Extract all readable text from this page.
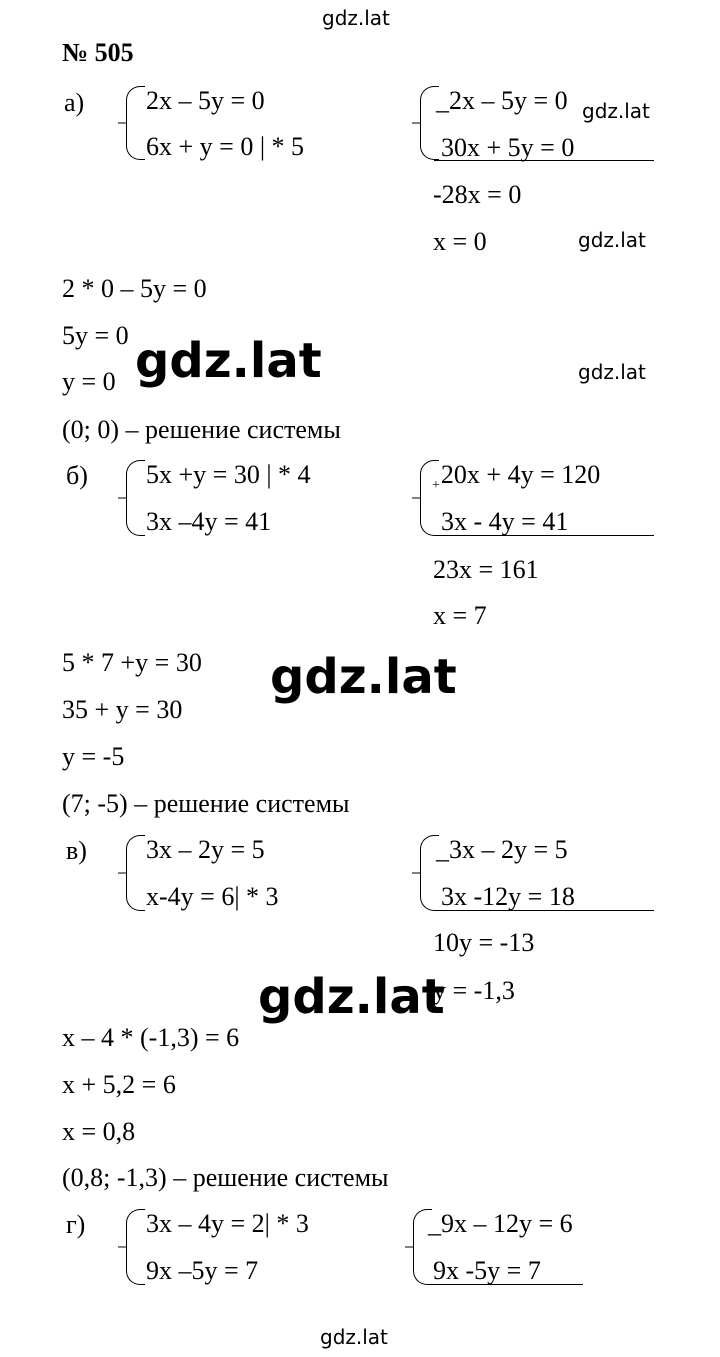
gdz.lat
gdz.lat
gdz.lat
gdz.lat
№ 505
а) 2x – 5y = 0
6x + y = 0 | * 5
_2x – 5y = 0 gdz.lat
30x + 5y = 0
-28x = 0
x = 0
2 * 0 – 5y = 0
5y = 0
y = 0 gdz.lat
(0; 0) – решение системы
б) 5x +y = 30 | * 4
3x –4y = 41
$_+$20x + 4y = 120
3x - 4y = 41
23x = 161
x = 7
5 * 7 +y = 30 gdz.lat
35 + y = 30
y = -5
(7; -5) – решение системы
в) 3x – 2y = 5
x-4y = 6| * 3
_3x – 2y = 5
3x -12y = 18
10y = -13
y = -1,3
gdz.lat
x – 4 * (-1,3) = 6
x + 5,2 = 6
x = 0,8
(0,8; -1,3) – решение системы
г) 3x – 4y = 2| * 3
9x –5y = 7
_9x – 12y = 6
9x -5y = 7
